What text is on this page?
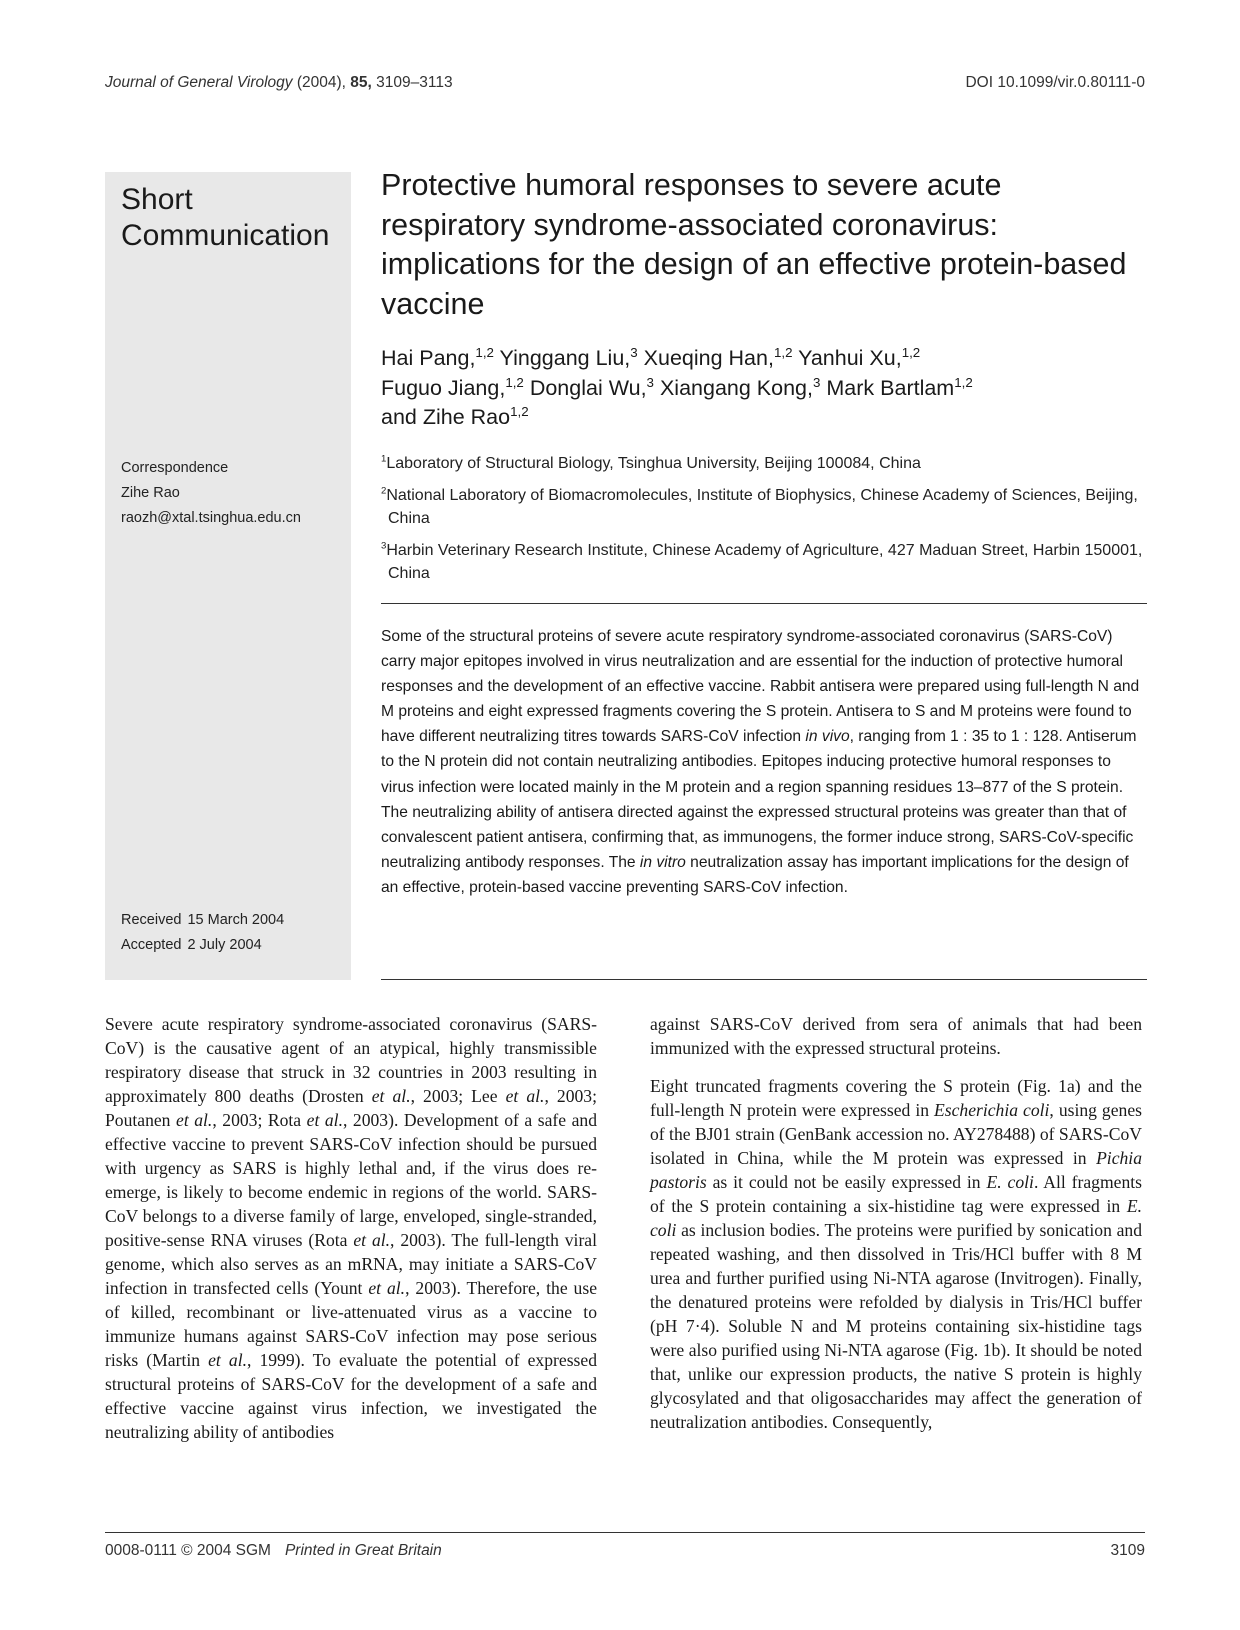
Journal of General Virology (2004), 85, 3109–3113	DOI 10.1099/vir.0.80111-0
Short Communication
Correspondence
Zihe Rao
raozh@xtal.tsinghua.edu.cn
Received 15 March 2004
Accepted 2 July 2004
Protective humoral responses to severe acute respiratory syndrome-associated coronavirus: implications for the design of an effective protein-based vaccine
Hai Pang,$^{1,2}$ Yinggang Liu,$^3$ Xueqing Han,$^{1,2}$ Yanhui Xu,$^{1,2}$
Fuguo Jiang,$^{1,2}$ Donglai Wu,$^3$ Xiangang Kong,$^3$ Mark Bartlam$^{1,2}$
and Zihe Rao$^{1,2}$
$^1$Laboratory of Structural Biology, Tsinghua University, Beijing 100084, China
$^2$National Laboratory of Biomacromolecules, Institute of Biophysics, Chinese Academy of Sciences, Beijing, China
$^3$Harbin Veterinary Research Institute, Chinese Academy of Agriculture, 427 Maduan Street, Harbin 150001, China
Some of the structural proteins of severe acute respiratory syndrome-associated coronavirus (SARS-CoV) carry major epitopes involved in virus neutralization and are essential for the induction of protective humoral responses and the development of an effective vaccine. Rabbit antisera were prepared using full-length N and M proteins and eight expressed fragments covering the S protein. Antisera to S and M proteins were found to have different neutralizing titres towards SARS-CoV infection in vivo, ranging from 1 : 35 to 1 : 128. Antiserum to the N protein did not contain neutralizing antibodies. Epitopes inducing protective humoral responses to virus infection were located mainly in the M protein and a region spanning residues 13–877 of the S protein. The neutralizing ability of antisera directed against the expressed structural proteins was greater than that of convalescent patient antisera, confirming that, as immunogens, the former induce strong, SARS-CoV-specific neutralizing antibody responses. The in vitro neutralization assay has important implications for the design of an effective, protein-based vaccine preventing SARS-CoV infection.

Severe acute respiratory syndrome-associated coronavirus (SARS-CoV) is the causative agent of an atypical, highly transmissible respiratory disease that struck in 32 countries in 2003 resulting in approximately 800 deaths (Drosten et al., 2003; Lee et al., 2003; Poutanen et al., 2003; Rota et al., 2003). Development of a safe and effective vaccine to prevent SARS-CoV infection should be pursued with urgency as SARS is highly lethal and, if the virus does re-emerge, is likely to become endemic in regions of the world. SARS-CoV belongs to a diverse family of large, enveloped, single-stranded, positive-sense RNA viruses (Rota et al., 2003). The full-length viral genome, which also serves as an mRNA, may initiate a SARS-CoV infection in transfected cells (Yount et al., 2003). Therefore, the use of killed, recombinant or live-attenuated virus as a vaccine to immunize humans against SARS-CoV infection may pose serious risks (Martin et al., 1999). To evaluate the potential of expressed structural proteins of SARS-CoV for the development of a safe and effective vaccine against virus infection, we investigated the neutralizing ability of antibodies

against SARS-CoV derived from sera of animals that had been immunized with the expressed structural proteins.

Eight truncated fragments covering the S protein (Fig. 1a) and the full-length N protein were expressed in Escherichia coli, using genes of the BJ01 strain (GenBank accession no. AY278488) of SARS-CoV isolated in China, while the M protein was expressed in Pichia pastoris as it could not be easily expressed in E. coli. All fragments of the S protein containing a six-histidine tag were expressed in E. coli as inclusion bodies. The proteins were purified by sonication and repeated washing, and then dissolved in Tris/HCl buffer with 8 M urea and further purified using Ni-NTA agarose (Invitrogen). Finally, the denatured proteins were refolded by dialysis in Tris/HCl buffer (pH 7·4). Soluble N and M proteins containing six-histidine tags were also purified using Ni-NTA agarose (Fig. 1b). It should be noted that, unlike our expression products, the native S protein is highly glycosylated and that oligosaccharides may affect the generation of neutralization antibodies. Consequently,

0008-0111 © 2004 SGM Printed in Great Britain	3109
